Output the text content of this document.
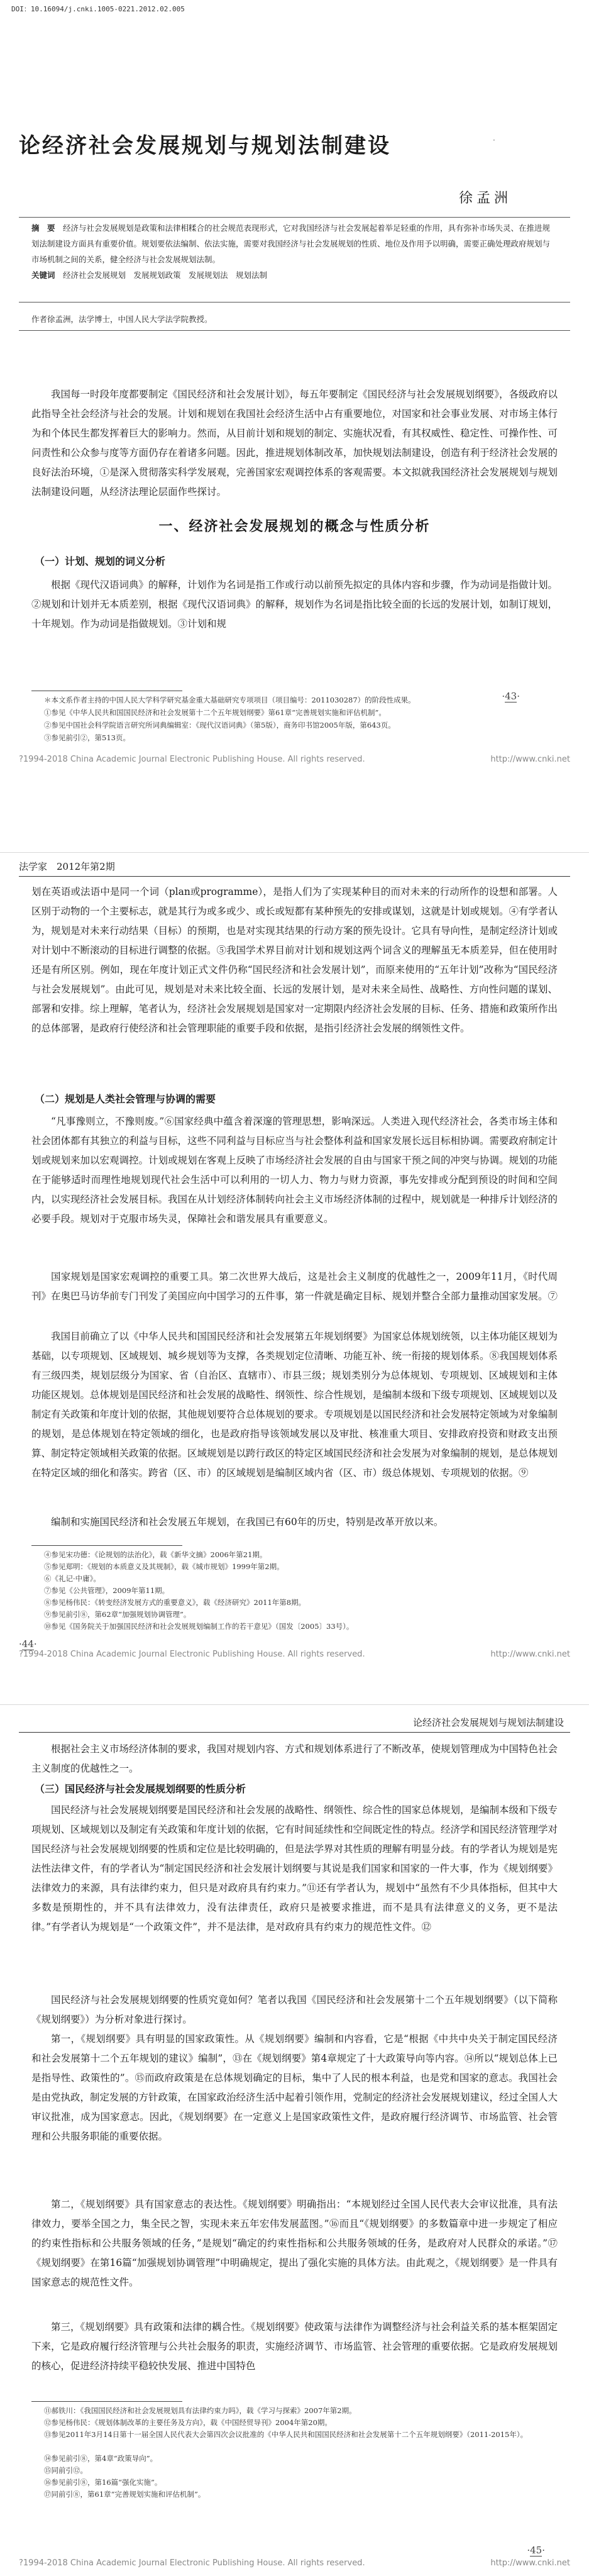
DOI：10.16094/j.cnki.1005-0221.2012.02.005
论经济社会发展规划与规划法制建设	·
徐孟洲
摘　要　经济与社会发展规划是政策和法律相糅合的社会规范表现形式，它对我国经济与社会发展起着举足轻重的作用，具有弥补市场失灵、在推进规划法制建设方面具有重要价值。规划要依法编制、依法实施，需要对我国经济与社会发展规划的性质、地位及作用予以明确，需要正确处理政府规划与市场机制之间的关系，健全经济与社会发展规划法制。
关键词　经济社会发展规划　发展规划政策　发展规划法　规划法制
作者徐孟洲，法学博士，中国人民大学法学院教授。
我国每一时段年度都要制定《国民经济和社会发展计划》，每五年要制定《国民经济与社会发展规划纲要》，各级政府以此指导全社会经济与社会的发展。计划和规划在我国社会经济生活中占有重要地位，对国家和社会事业发展、对市场主体行为和个体民生都发挥着巨大的影响力。然而，从目前计划和规划的制定、实施状况看，有其权威性、稳定性、可操作性、可问责性和公众参与度等方面仍存在着诸多问题。因此，推进规划体制改革，加快规划法制建设，创造有利于经济社会发展的良好法治环境，①是深入贯彻落实科学发展观，完善国家宏观调控体系的客观需要。本文拟就我国经济社会发展规划与规划法制建设问题，从经济法理论层面作些探讨。
一、经济社会发展规划的概念与性质分析
（一）计划、规划的词义分析
根据《现代汉语词典》的解释，计划作为名词是指工作或行动以前预先拟定的具体内容和步骤，作为动词是指做计划。②规划和计划并无本质差别，根据《现代汉语词典》的解释，规划作为名词是指比较全面的长远的发展计划，如制订规划，十年规划。作为动词是指做规划。③计划和规
＊本文系作者主持的中国人民大学科学研究基金重大基础研究专项项目（项目编号：2011030287）的阶段性成果。
①参见《中华人民共和国国民经济和社会发展第十二个五年规划纲要》第61章“完善规划实施和评估机制”。
②参见中国社会科学院语言研究所词典编辑室：《现代汉语词典》（第5版），商务印书馆2005年版，第643页。
③参见前引②，第513页。
·43·
?1994-2018 China Academic Journal Electronic Publishing House. All rights reserved.	http://www.cnki.net
法学家　2012年第2期
划在英语或法语中是同一个词（plan或programme），是指人们为了实现某种目的而对未来的行动所作的设想和部署。人区别于动物的一个主要标志，就是其行为或多或少、或长或短都有某种预先的安排或谋划，这就是计划或规划。④有学者认为，规划是对未来行动结果（目标）的预期，也是对实现其结果的行动方案的预先设计。它具有导向性，是制定经济计划或对计划中不断滚动的目标进行调整的依据。⑤我国学术界目前对计划和规划这两个词含义的理解虽无本质差异，但在使用时还是有所区别。例如，现在年度计划正式文件仍称“国民经济和社会发展计划”，而原来使用的“五年计划”改称为“国民经济与社会发展规划”。由此可见，规划是对未来比较全面、长远的发展计划，是对未来全局性、战略性、方向性问题的谋划、部署和安排。综上理解，笔者认为，经济社会发展规划是国家对一定期限内经济社会发展的目标、任务、措施和政策所作出的总体部署，是政府行使经济和社会管理职能的重要手段和依据，是指引经济社会发展的纲领性文件。
（二）规划是人类社会管理与协调的需要
“凡事豫则立，不豫则废。”⑥国家经典中蕴含着深邃的管理思想，影响深远。人类进入现代经济社会，各类市场主体和社会团体都有其独立的利益与目标，这些不同利益与目标应当与社会整体利益和国家发展长远目标相协调。需要政府制定计划或规划来加以宏观调控。计划或规划在客观上反映了市场经济社会发展的自由与国家干预之间的冲突与协调。规划的功能在于能够适时而理性地规划现代社会生活中可以利用的一切人力、物力与财力资源，事先安排或分配到预设的时间和空间内，以实现经济社会发展目标。我国在从计划经济体制转向社会主义市场经济体制的过程中，规划就是一种排斥计划经济的必要手段。规划对于克服市场失灵，保障社会和谐发展具有重要意义。
国家规划是国家宏观调控的重要工具。第二次世界大战后，这是社会主义制度的优越性之一，2009年11月，《时代周刊》在奥巴马访华前专门刊发了美国应向中国学习的五件事，第一件就是确定目标、规划并整合全部力量推动国家发展。⑦
我国目前确立了以《中华人民共和国国民经济和社会发展第五年规划纲要》为国家总体规划统领，以主体功能区规划为基础，以专项规划、区域规划、城乡规划等为支撑，各类规划定位清晰、功能互补、统一衔接的规划体系。⑧我国规划体系有三级四类，规划层级分为国家、省（自治区、直辖市）、市县三级；规划类别分为总体规划、专项规划、区域规划和主体功能区规划。总体规划是国民经济和社会发展的战略性、纲领性、综合性规划，是编制本级和下级专项规划、区域规划以及制定有关政策和年度计划的依据，其他规划要符合总体规划的要求。专项规划是以国民经济和社会发展特定领域为对象编制的规划，是总体规划在特定领域的细化，也是政府指导该领域发展以及审批、核准重大项目、安排政府投资和财政支出预算、制定特定领域相关政策的依据。区域规划是以跨行政区的特定区域国民经济和社会发展为对象编制的规划，是总体规划在特定区域的细化和落实。跨省（区、市）的区域规划是编制区域内省（区、市）级总体规划、专项规划的依据。⑨
编制和实施国民经济和社会发展五年规划，在我国已有60年的历史，特别是改革开放以来。
④参见宋功德：《论规划的法治化》，载《新华文摘》2006年第21期。
⑤参见郑明：《规划的本质意义及其规制》，载《城市规划》1999年第2期。
⑥《礼记·中庸》。
⑦参见《公共管理》，2009年第11期。
⑧参见杨伟民：《转变经济发展方式的重要意义》，载《经济研究》2011年第8期。
⑨参见前引⑧，第62章“加强规划协调管理”。
⑩参见《国务院关于加强国民经济和社会发展规划编制工作的若干意见》（国发〔2005〕33号）。
·44·
?1994-2018 China Academic Journal Electronic Publishing House. All rights reserved.	http://www.cnki.net
论经济社会发展规划与规划法制建设
根据社会主义市场经济体制的要求，我国对规划内容、方式和规划体系进行了不断改革，使规划管理成为中国特色社会主义制度的优越性之一。
（三）国民经济与社会发展规划纲要的性质分析
国民经济与社会发展规划纲要是国民经济和社会发展的战略性、纲领性、综合性的国家总体规划，是编制本级和下级专项规划、区域规划以及制定有关政策和年度计划的依据，它有时间延续性和空间既定性的特点。经济学和国民经济管理学对国民经济与社会发展规划纲要的性质和定位是比较明确的，但是法学界对其性质的理解有明显分歧。有的学者认为规划是宪法性法律文件，有的学者认为“制定国民经济和社会发展计划纲要与其说是我们国家和国家的一件大事，作为《规划纲要》法律效力的来源，具有法律约束力，但只是对政府具有约束力。”⑪还有学者认为，规划中“虽然有不少具体指标，但其中大多数是预期性的，并不具有法律效力，没有法律责任，政府只是被要求推进，而不是具有法律意义的义务，更不是法律。”有学者认为规划是“一个政策文件”，并不是法律，是对政府具有约束力的规范性文件。⑫
国民经济与社会发展规划纲要的性质究竟如何？笔者以我国《国民经济和社会发展第十二个五年规划纲要》（以下简称《规划纲要》）为分析对象进行探讨。
第一，《规划纲要》具有明显的国家政策性。从《规划纲要》编制和内容看，它是“根据《中共中央关于制定国民经济和社会发展第十二个五年规划的建议》编制”，⑬在《规划纲要》第4章规定了十大政策导向等内容。⑭所以“规划总体上已是指导性、政策性的”。⑮而政府政策是在总体规划确定的目标，集中了人民的根本利益，也是党和国家的意志。我国社会是由党执政，制定发展的方针政策，在国家政治经济生活中起着引领作用，党制定的经济社会发展规划建议，经过全国人大审议批准，成为国家意志。因此，《规划纲要》在一定意义上是国家政策性文件，是政府履行经济调节、市场监管、社会管理和公共服务职能的重要依据。
第二，《规划纲要》具有国家意志的表达性。《规划纲要》明确指出：“本规划经过全国人民代表大会审议批准，具有法律效力，要举全国之力，集全民之智，实现未来五年宏伟发展蓝图。”⑯而且“《规划纲要》的多数篇章中进一步规定了相应的约束性指标和公共服务领域的任务，”是规划“确定的约束性指标和公共服务领域的任务，是政府对人民群众的承诺。”⑰《规划纲要》在第16篇“加强规划协调管理”中明确规定，提出了强化实施的具体方法。由此观之，《规划纲要》是一件具有国家意志的规范性文件。
第三，《规划纲要》具有政策和法律的耦合性。《规划纲要》使政策与法律作为调整经济与社会利益关系的基本框架固定下来，它是政府履行经济管理与公共社会服务的职责，实施经济调节、市场监管、社会管理的重要依据。它是政府发展规划的核心，促进经济持续平稳较快发展、推进中国特色
⑪郝铁川：《我国国民经济和社会发展规划具有法律约束力吗》，载《学习与探索》2007年第2期。
⑫参见杨伟民：《规划体制改革的主要任务及方向》，载《中国经贸导刊》2004年第20期。
⑬参见2011年3月14日第十一届全国人民代表大会第四次会议批准的《中华人民共和国国民经济和社会发展第十二个五年规划纲要》（2011-2015年）。
⑭参见前引⑧，第4章“政策导向”。
⑮同前引⑫。
⑯参见前引⑧，第16篇“强化实施”。
⑰同前引⑧，第61章“完善规划实施和评估机制”。
·45·
?1994-2018 China Academic Journal Electronic Publishing House. All rights reserved.	http://www.cnki.net
